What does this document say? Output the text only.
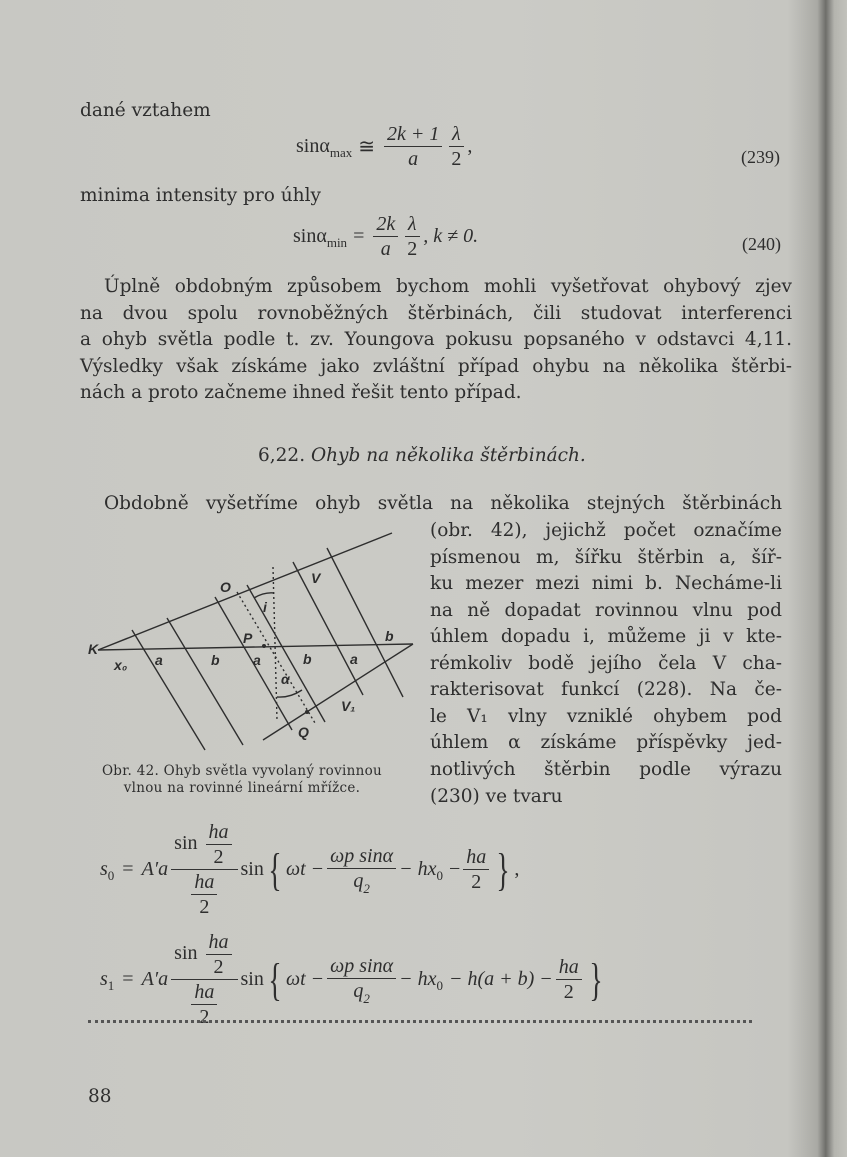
dané vztahem
sinα max ≅ $\frac{2k + 1}{a} \frac{\lambda}{2}$ ,	(239)
minima intensity pro úhly
sinα $\min = \frac{2k}{a} \frac{\lambda}{2}$ , k ≠ 0.	(240)
Úplně obdobným způsobem bychom mohli vyšetřovat ohybový zjev
na dvou spolu rovnoběžných štěrbinách, čili studovat interferenci
a ohyb světla podle t. zv. Youngova pokusu popsaného v odstavci 4,11.
Výsledky však získáme jako zvláštní případ ohybu na několika štěrbi-
nách a proto začneme ihned řešit tento případ.
6,22. Ohyb na několika štěrbinách.
Obdobně vyšetříme ohyb světla na několika stejných štěrbinách
(obr. 42), jejichž počet označíme
písmenou m, šířku štěrbin a, šíř-
ku mezer mezi nimi b. Necháme-li
na ně dopadat rovinnou vlnu pod
úhlem dopadu i, můžeme ji v kte-
rémkoliv bodě jejího čela V cha-
rakterisovat funkcí (228). Na če-
le V₁ vlny vzniklé ohybem pod
úhlem α získáme příspěvky jed-
notlivých štěrbin podle výrazu
(230) ve tvaru
K
x₀
O
V
i
P	b
a	b a	b	a
α
V₁
Q
Obr. 42. Ohyb světla vyvolaný rovinnou
vlnou na rovinné lineární mřížce.
s $0 = A'a \frac{\sin \frac{ha}{2}}{\frac{ha}{2}}$ sin { $\omega t - \frac{\text{ωp sinα}}{q_2}$ − hx $0 - \frac{ha}{2}$ } ,
s $1 = A'a \frac{\sin \frac{ha}{2}}{\frac{ha}{2}}$ sin { $\omega t - \frac{\text{ωp sinα}}{q_2}$ − hx $0 - h(a + b) - \frac{ha}{2}$ }
88
